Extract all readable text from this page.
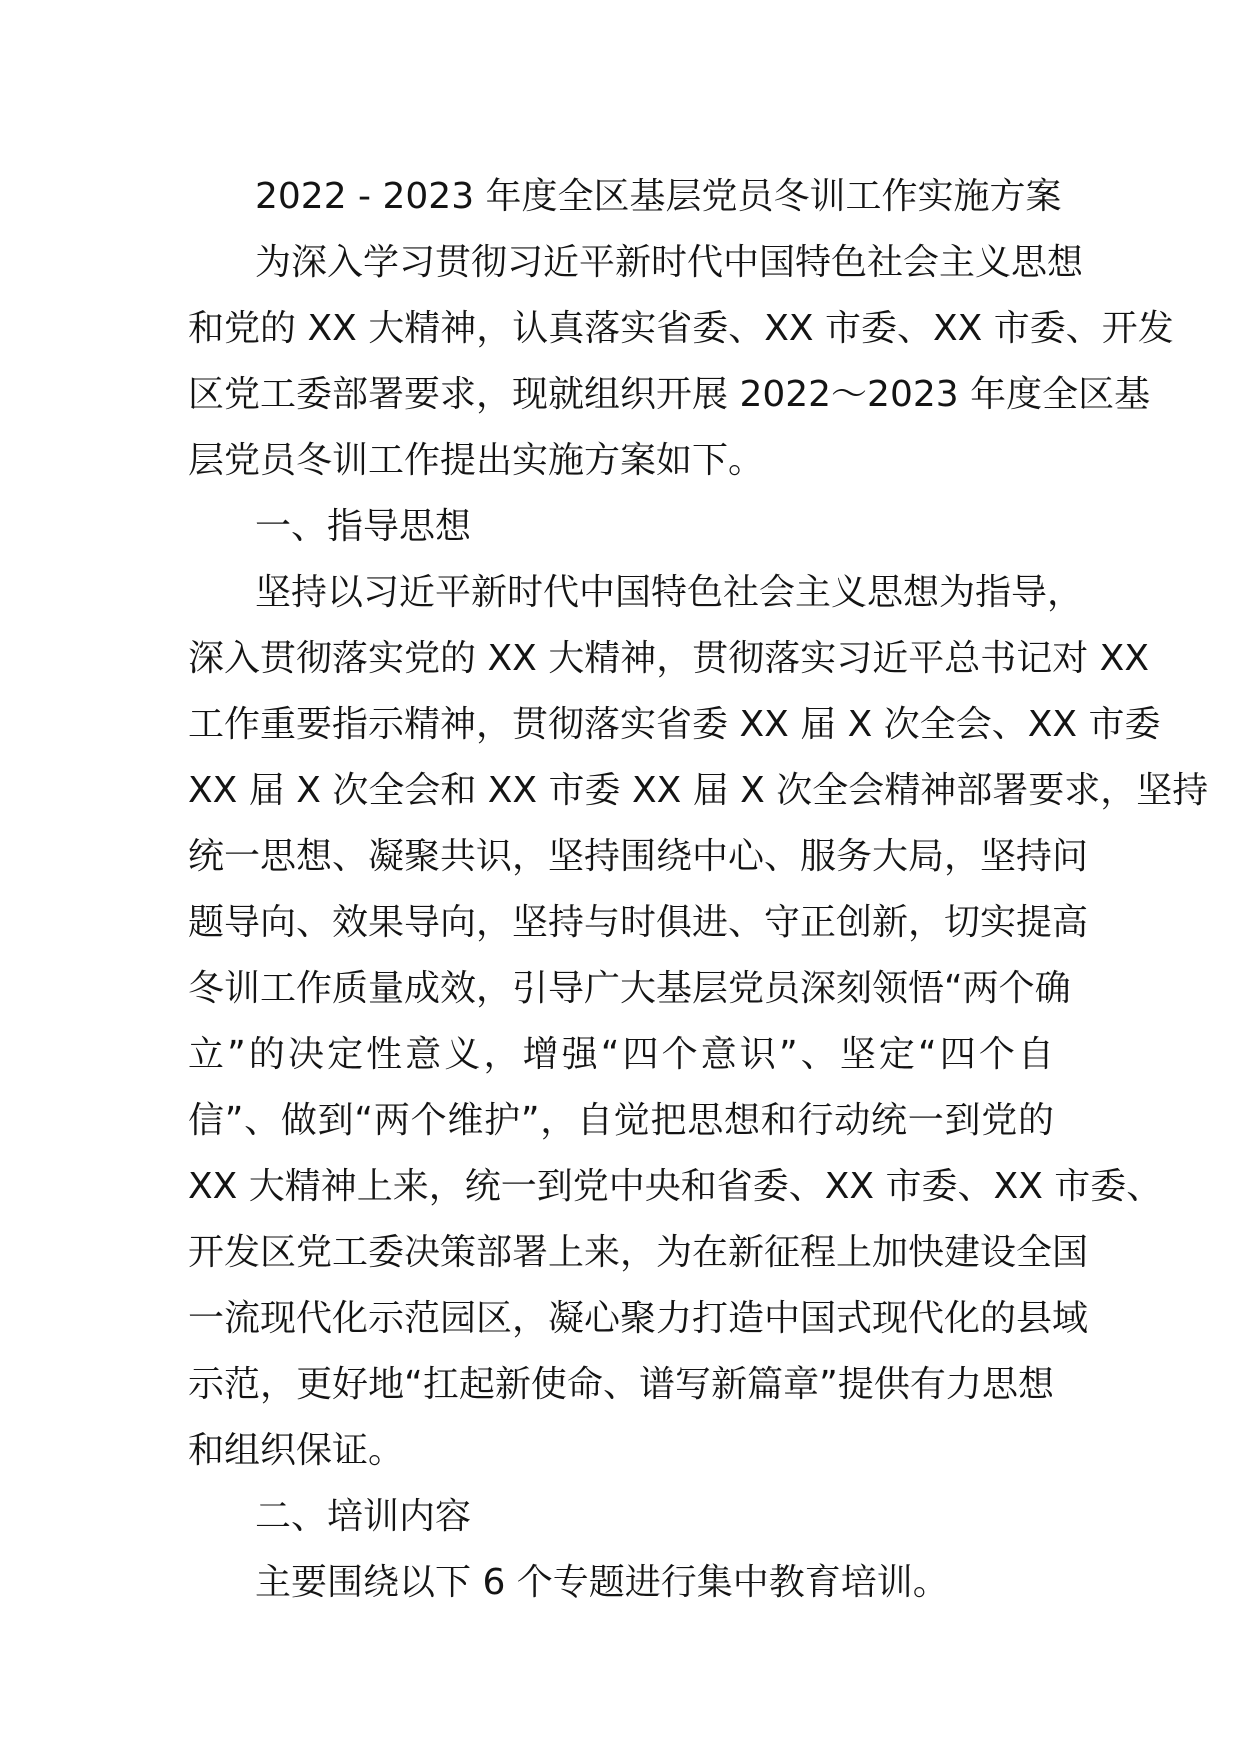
2022 - 2023 年度全区基层党员冬训工作实施方案
为深入学习贯彻习近平新时代中国特色社会主义思想
和党的 XX 大精神，认真落实省委、XX 市委、XX 市委、开发
区党工委部署要求，现就组织开展 2022～2023 年度全区基
层党员冬训工作提出实施方案如下。
一、指导思想
坚持以习近平新时代中国特色社会主义思想为指导，
深入贯彻落实党的 XX 大精神，贯彻落实习近平总书记对 XX
工作重要指示精神，贯彻落实省委 XX 届 X 次全会、XX 市委
XX 届 X 次全会和 XX 市委 XX 届 X 次全会精神部署要求，坚持
统一思想、凝聚共识，坚持围绕中心、服务大局，坚持问
题导向、效果导向，坚持与时俱进、守正创新，切实提高
冬训工作质量成效，引导广大基层党员深刻领悟“两个确
立”的决定性意义，增强“四个意识”、坚定“四个自
信”、做到“两个维护”，自觉把思想和行动统一到党的
XX 大精神上来，统一到党中央和省委、XX 市委、XX 市委、
开发区党工委决策部署上来，为在新征程上加快建设全国
一流现代化示范园区，凝心聚力打造中国式现代化的县域
示范，更好地“扛起新使命、谱写新篇章”提供有力思想
和组织保证。
二、培训内容
主要围绕以下 6 个专题进行集中教育培训。
